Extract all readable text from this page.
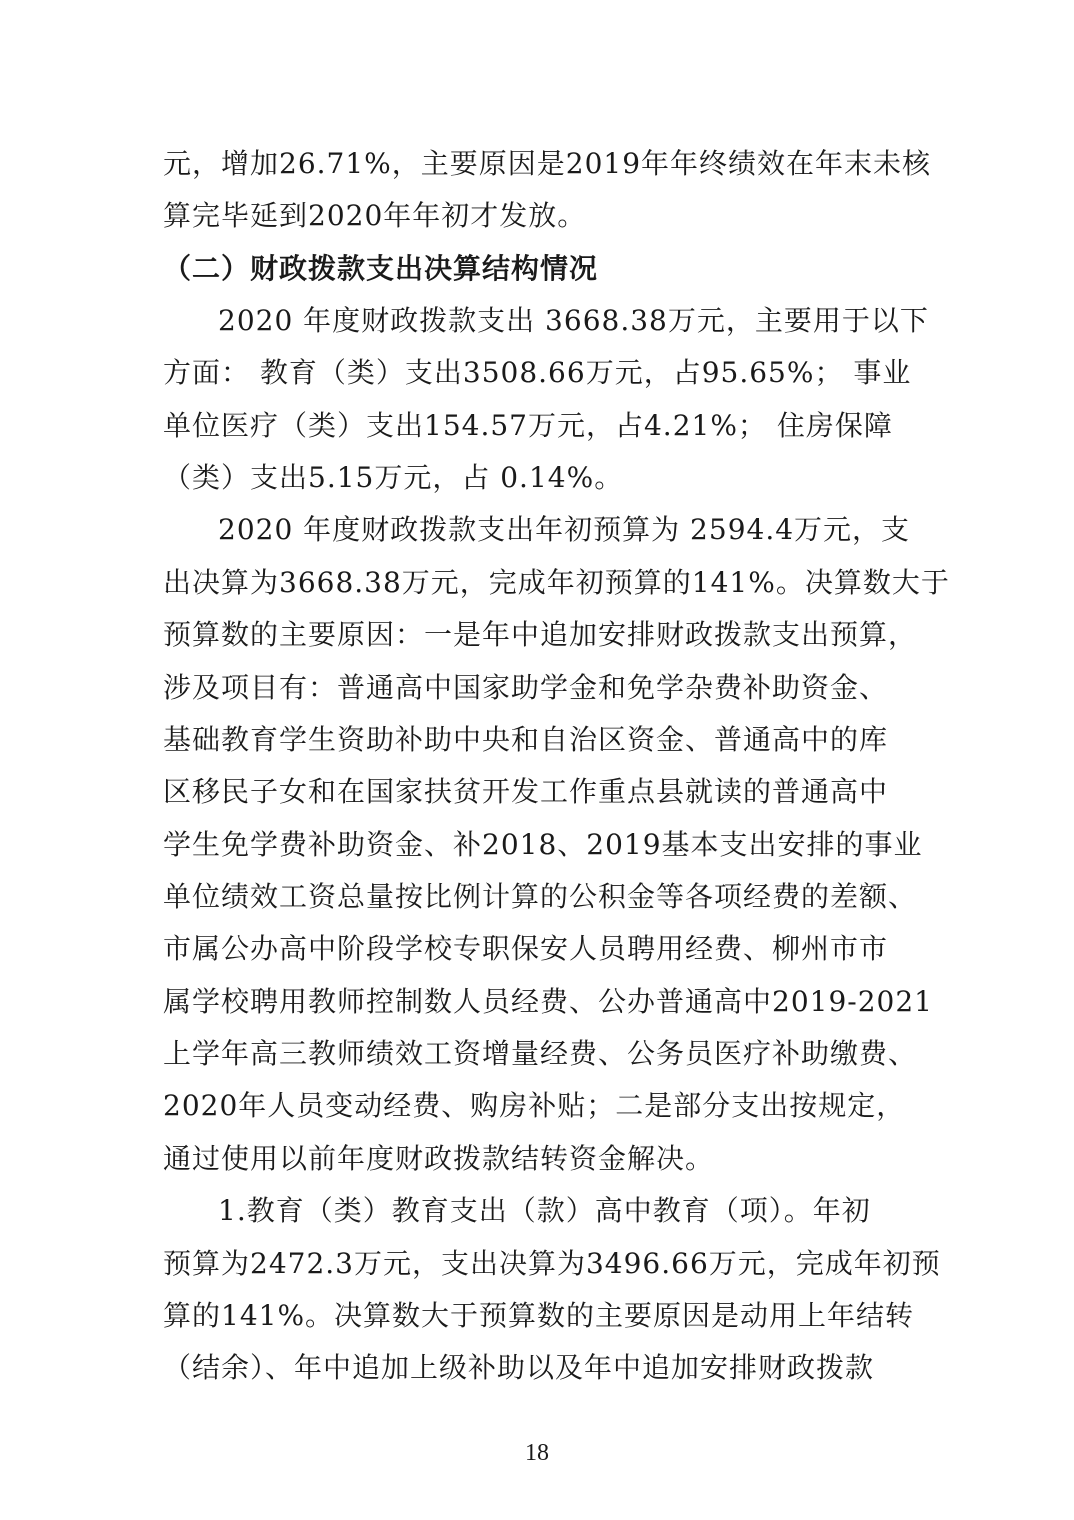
元，增加26.71%，主要原因是2019年年终绩效在年末未核
算完毕延到2020年年初才发放。
（二）财政拨款支出决算结构情况
2020 年度财政拨款支出 3668.38万元，主要用于以下
方面： 教育（类）支出3508.66万元，占95.65%； 事业
单位医疗（类）支出154.57万元，占4.21%； 住房保障
（类）支出5.15万元，占 0.14%。
2020 年度财政拨款支出年初预算为 2594.4万元，支
出决算为3668.38万元，完成年初预算的141%。决算数大于
预算数的主要原因：一是年中追加安排财政拨款支出预算，
涉及项目有：普通高中国家助学金和免学杂费补助资金、
基础教育学生资助补助中央和自治区资金、普通高中的库
区移民子女和在国家扶贫开发工作重点县就读的普通高中
学生免学费补助资金、补2018、2019基本支出安排的事业
单位绩效工资总量按比例计算的公积金等各项经费的差额、
市属公办高中阶段学校专职保安人员聘用经费、柳州市市
属学校聘用教师控制数人员经费、公办普通高中2019-2021
上学年高三教师绩效工资增量经费、公务员医疗补助缴费、
2020年人员变动经费、购房补贴；二是部分支出按规定，
通过使用以前年度财政拨款结转资金解决。
1.教育（类）教育支出（款）高中教育（项）。年初
预算为2472.3万元，支出决算为3496.66万元，完成年初预
算的141%。决算数大于预算数的主要原因是动用上年结转
（结余）、年中追加上级补助以及年中追加安排财政拨款
18
